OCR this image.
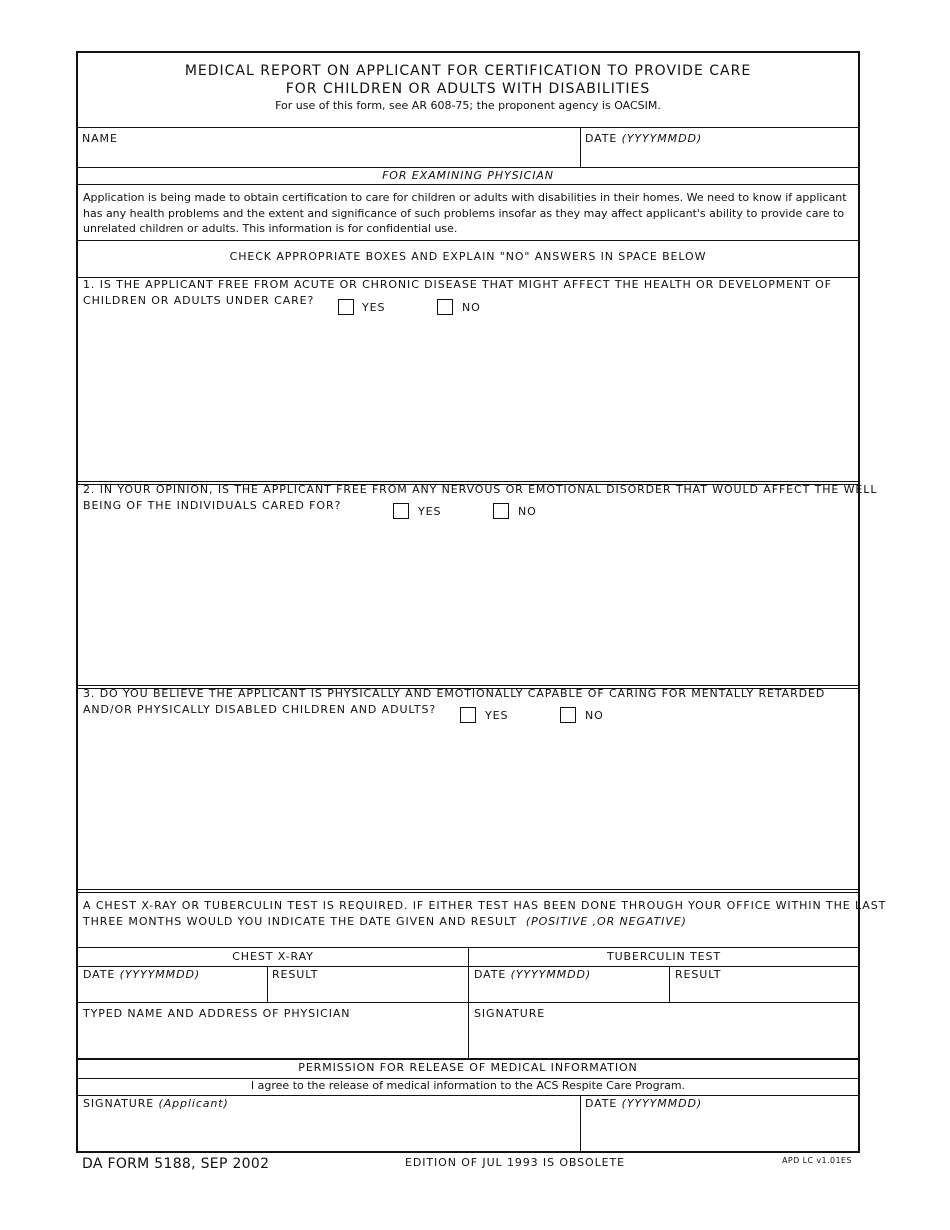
MEDICAL REPORT ON APPLICANT FOR CERTIFICATION TO PROVIDE CARE
FOR CHILDREN OR ADULTS WITH DISABILITIES
For use of this form, see AR 608-75; the proponent agency is OACSIM.
NAME	DATE (YYYYMMDD)
FOR EXAMINING PHYSICIAN
Application is being made to obtain certification to care for children or adults with disabilities in their homes. We need to know if applicant has any health problems and the extent and significance of such problems insofar as they may affect applicant's ability to provide care to unrelated children or adults. This information is for confidential use.
CHECK APPROPRIATE BOXES AND EXPLAIN "NO" ANSWERS IN SPACE BELOW
1. IS THE APPLICANT FREE FROM ACUTE OR CHRONIC DISEASE THAT MIGHT AFFECT THE HEALTH OR DEVELOPMENT OF
CHILDREN OR ADULTS UNDER CARE?
YES	NO
2. IN YOUR OPINION, IS THE APPLICANT FREE FROM ANY NERVOUS OR EMOTIONAL DISORDER THAT WOULD AFFECT THE WELL
BEING OF THE INDIVIDUALS CARED FOR?	YES	NO
3. DO YOU BELIEVE THE APPLICANT IS PHYSICALLY AND EMOTIONALLY CAPABLE OF CARING FOR MENTALLY RETARDED
AND/OR PHYSICALLY DISABLED CHILDREN AND ADULTS?	YES	NO
A CHEST X-RAY OR TUBERCULIN TEST IS REQUIRED. IF EITHER TEST HAS BEEN DONE THROUGH YOUR OFFICE WITHIN THE LAST
THREE MONTHS WOULD YOU INDICATE THE DATE GIVEN AND RESULT (POSITIVE ,OR NEGATIVE)
CHEST X-RAY	TUBERCULIN TEST
DATE (YYYYMMDD)	RESULT	DATE (YYYYMMDD)	RESULT
TYPED NAME AND ADDRESS OF PHYSICIAN	SIGNATURE
PERMISSION FOR RELEASE OF MEDICAL INFORMATION
I agree to the release of medical information to the ACS Respite Care Program.
SIGNATURE (Applicant)	DATE (YYYYMMDD)
DA FORM 5188, SEP 2002	EDITION OF JUL 1993 IS OBSOLETE	APD LC v1.01ES
